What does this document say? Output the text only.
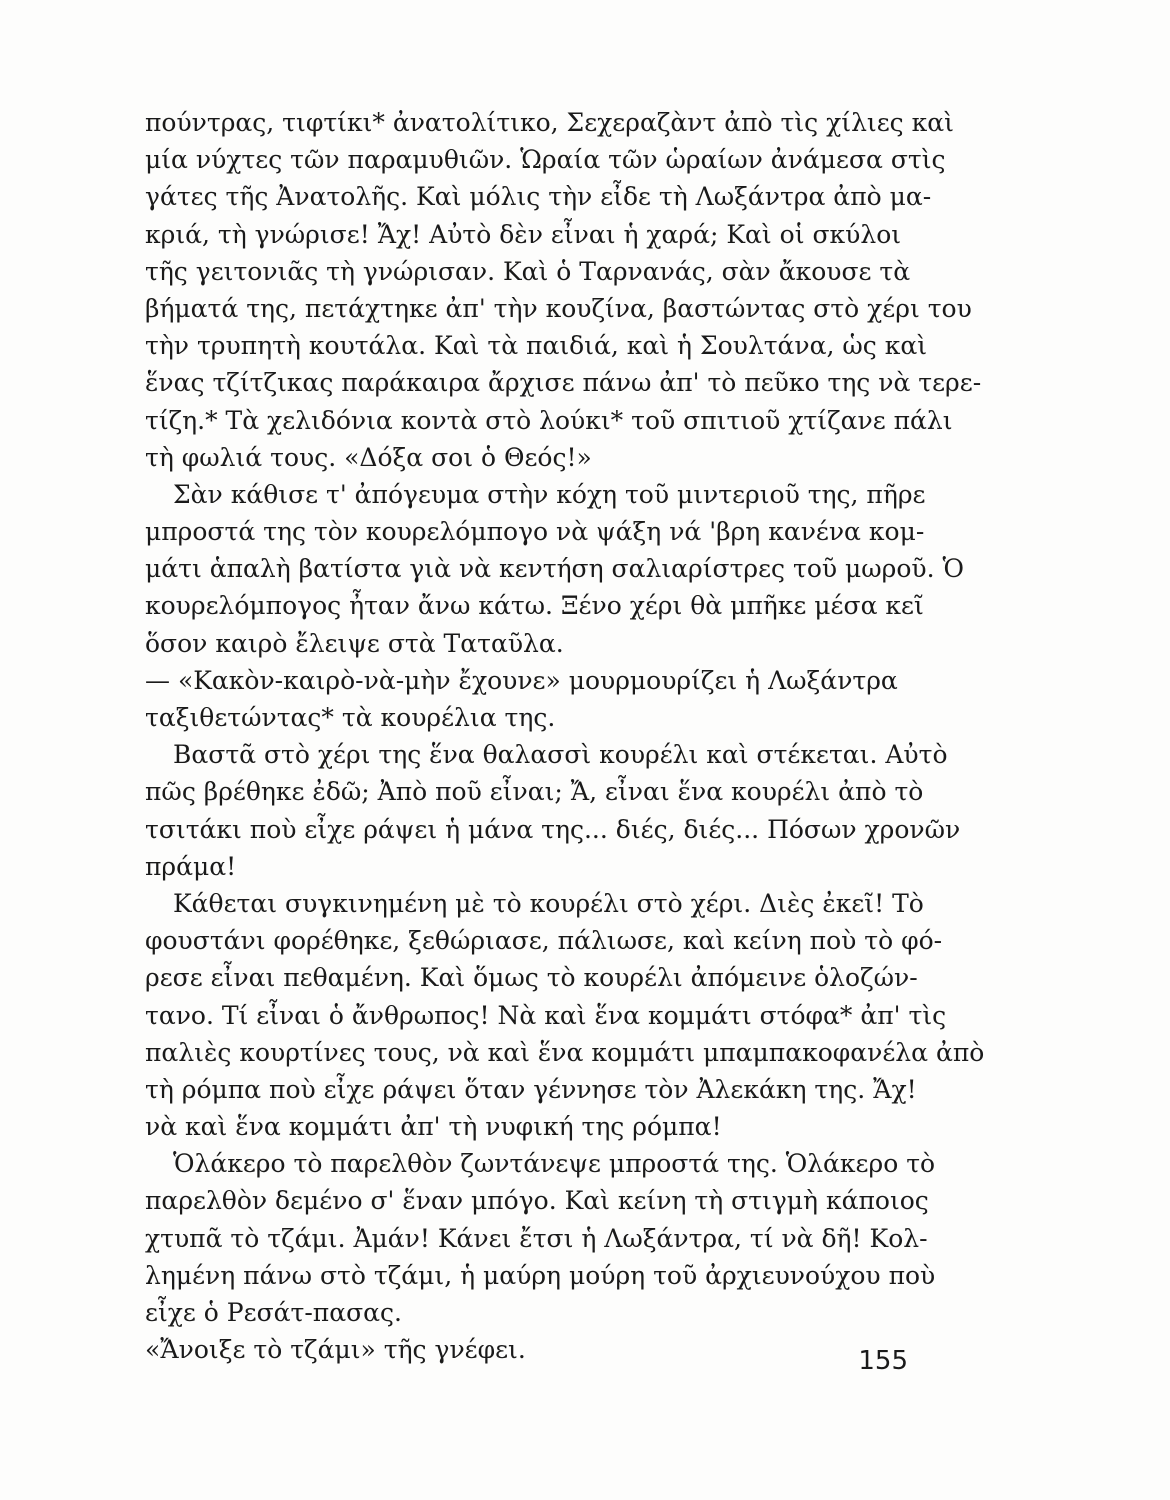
πούντρας, τιφτίκι* ἀνατολίτικο, Σεχεραζὰντ ἀπὸ τὶς χίλιες καὶ
μία νύχτες τῶν παραμυθιῶν. Ὡραία τῶν ὡραίων ἀνάμεσα στὶς
γάτες τῆς Ἀνατολῆς. Καὶ μόλις τὴν εἶδε τὴ Λωξάντρα ἀπὸ μα-
κριά, τὴ γνώρισε! Ἄχ! Αὐτὸ δὲν εἶναι ἡ χαρά; Καὶ οἱ σκύλοι
τῆς γειτονιᾶς τὴ γνώρισαν. Καὶ ὁ Ταρνανάς, σὰν ἄκουσε τὰ
βήματά της, πετάχτηκε ἀπ' τὴν κουζίνα, βαστώντας στὸ χέρι του
τὴν τρυπητὴ κουτάλα. Καὶ τὰ παιδιά, καὶ ἡ Σουλτάνα, ὡς καὶ
ἕνας τζίτζικας παράκαιρα ἄρχισε πάνω ἀπ' τὸ πεῦκο της νὰ τερε-
τίζη.* Τὰ χελιδόνια κοντὰ στὸ λούκι* τοῦ σπιτιοῦ χτίζανε πάλι
τὴ φωλιά τους. «Δόξα σοι ὁ Θεός!»
Σὰν κάθισε τ' ἀπόγευμα στὴν κόχη τοῦ μιντεριοῦ της, πῆρε
μπροστά της τὸν κουρελόμπογο νὰ ψάξη νά 'βρη κανένα κομ-
μάτι ἁπαλὴ βατίστα γιὰ νὰ κεντήση σαλιαρίστρες τοῦ μωροῦ. Ὁ
κουρελόμπογος ἦταν ἄνω κάτω. Ξένο χέρι θὰ μπῆκε μέσα κεῖ
ὅσον καιρὸ ἔλειψε στὰ Ταταῦλα.
— «Κακὸν-καιρὸ-νὰ-μὴν ἔχουνε» μουρμουρίζει ἡ Λωξάντρα
ταξιθετώντας* τὰ κουρέλια της.
Βαστᾶ στὸ χέρι της ἕνα θαλασσὶ κουρέλι καὶ στέκεται. Αὐτὸ
πῶς βρέθηκε ἐδῶ; Ἀπὸ ποῦ εἶναι; Ἄ, εἶναι ἕνα κουρέλι ἀπὸ τὸ
τσιτάκι ποὺ εἶχε ράψει ἡ μάνα της... διές, διές... Πόσων χρονῶν
πράμα!
Κάθεται συγκινημένη μὲ τὸ κουρέλι στὸ χέρι. Διὲς ἐκεῖ! Τὸ
φουστάνι φορέθηκε, ξεθώριασε, πάλιωσε, καὶ κείνη ποὺ τὸ φό-
ρεσε εἶναι πεθαμένη. Καὶ ὅμως τὸ κουρέλι ἀπόμεινε ὁλοζών-
τανο. Τί εἶναι ὁ ἄνθρωπος! Νὰ καὶ ἕνα κομμάτι στόφα* ἀπ' τὶς
παλιὲς κουρτίνες τους, νὰ καὶ ἕνα κομμάτι μπαμπακοφανέλα ἀπὸ
τὴ ρόμπα ποὺ εἶχε ράψει ὅταν γέννησε τὸν Ἀλεκάκη της. Ἄχ!
νὰ καὶ ἕνα κομμάτι ἀπ' τὴ νυφική της ρόμπα!
Ὁλάκερο τὸ παρελθὸν ζωντάνεψε μπροστά της. Ὁλάκερο τὸ
παρελθὸν δεμένο σ' ἕναν μπόγο. Καὶ κείνη τὴ στιγμὴ κάποιος
χτυπᾶ τὸ τζάμι. Ἀμάν! Κάνει ἔτσι ἡ Λωξάντρα, τί νὰ δῆ! Κολ-
λημένη πάνω στὸ τζάμι, ἡ μαύρη μούρη τοῦ ἀρχιευνούχου ποὺ
εἶχε ὁ Ρεσάτ-πασας.
«Ἄνοιξε τὸ τζάμι» τῆς γνέφει.	155
